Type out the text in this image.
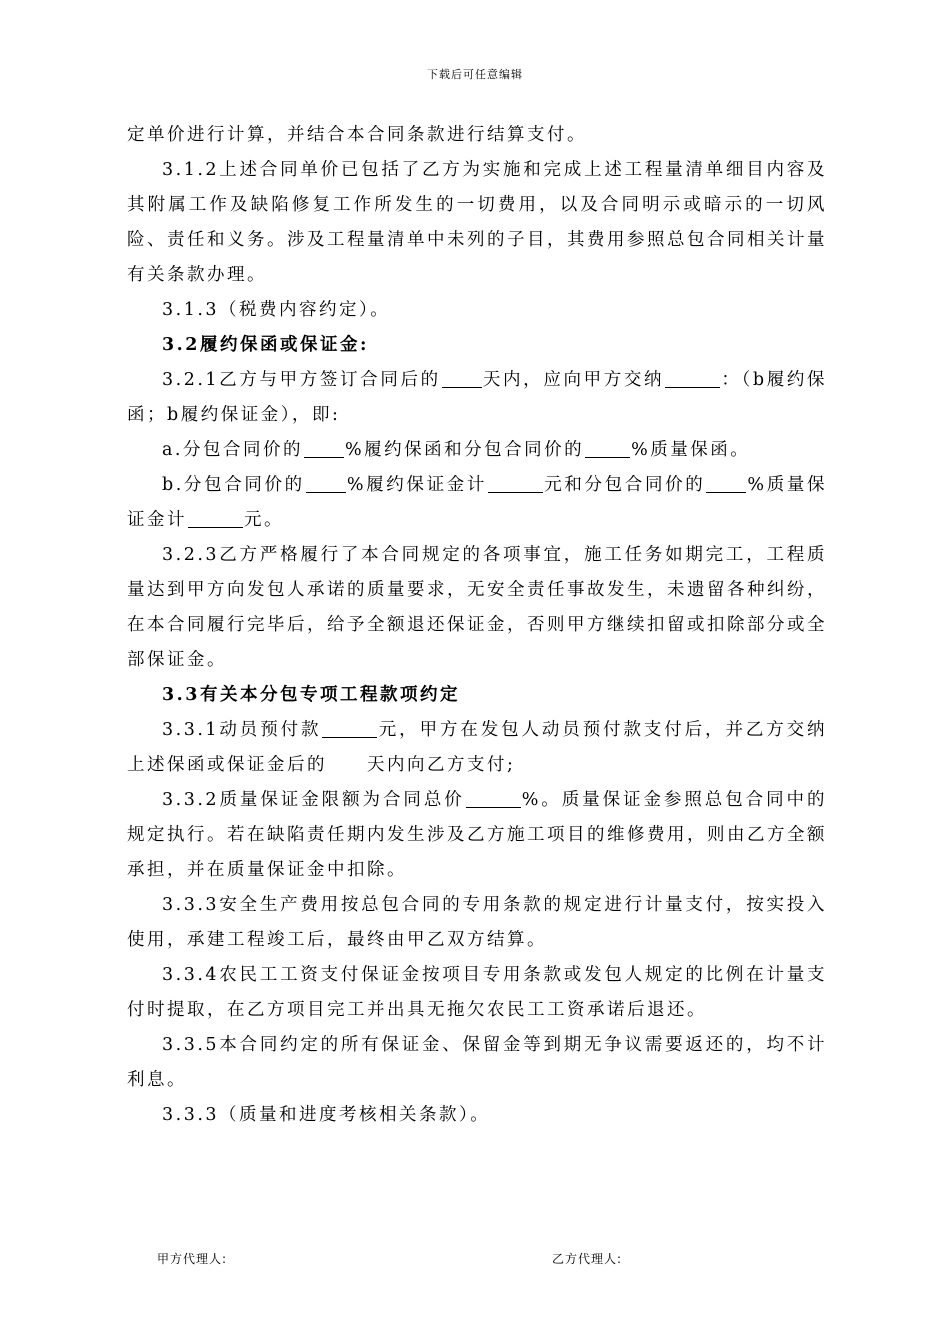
下载后可任意编辑

定单价进行计算，并结合本合同条款进行结算支付。

3.1.2上述合同单价已包括了乙方为实施和完成上述工程量清单细目内容及其附属工作及缺陷修复工作所发生的一切费用，以及合同明示或暗示的一切风险、责任和义务。涉及工程量清单中未列的子目，其费用参照总包合同相关计量有关条款办理。

3.1.3（税费内容约定）。

3.2履约保函或保证金:

3.2.1乙方与甲方签订合同后的 天内，应向甲方交纳	：（b履约保函；b履约保证金），即:

a.分包合同价的 %履约保函和分包合同价的	%质量保函。

b.分包合同价的 %履约保证金计	元和分包合同价的 %质量保证金计	元。

3.2.3乙方严格履行了本合同规定的各项事宜，施工任务如期完工，工程质量达到甲方向发包人承诺的质量要求，无安全责任事故发生，未遗留各种纠纷，在本合同履行完毕后，给予全额退还保证金，否则甲方继续扣留或扣除部分或全部保证金。

3.3有关本分包专项工程款项约定

3.3.1动员预付款	元，甲方在发包人动员预付款支付后，并乙方交纳上述保函或保证金后的 天内向乙方支付;

3.3.2质量保证金限额为合同总价	%。质量保证金参照总包合同中的规定执行。若在缺陷责任期内发生涉及乙方施工项目的维修费用，则由乙方全额承担，并在质量保证金中扣除。

3.3.3安全生产费用按总包合同的专用条款的规定进行计量支付，按实投入使用，承建工程竣工后，最终由甲乙双方结算。

3.3.4农民工工资支付保证金按项目专用条款或发包人规定的比例在计量支付时提取，在乙方项目完工并出具无拖欠农民工工资承诺后退还。

3.3.5本合同约定的所有保证金、保留金等到期无争议需要返还的，均不计利息。

3.3.3（质量和进度考核相关条款）。

甲方代理人:	乙方代理人:
